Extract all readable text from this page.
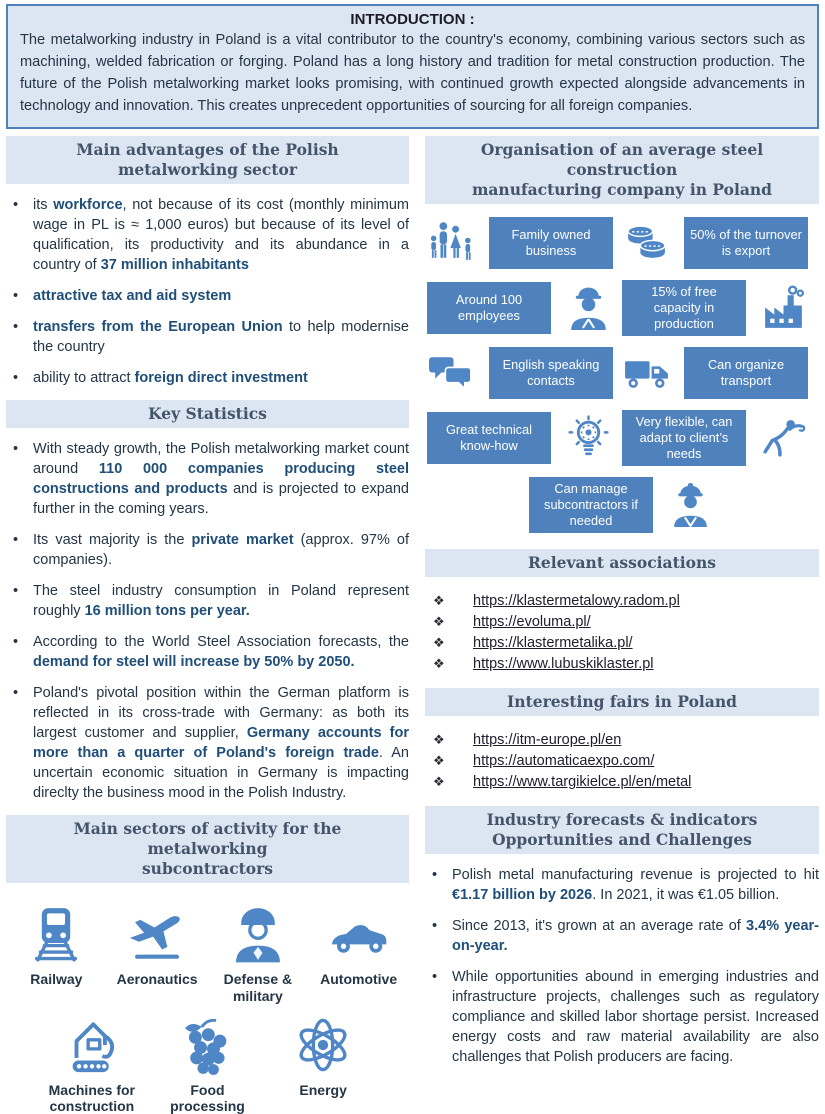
INTRODUCTION :
The metalworking industry in Poland is a vital contributor to the country's economy, combining various sectors such as machining, welded fabrication or forging. Poland has a long history and tradition for metal construction production. The future of the Polish metalworking market looks promising, with continued growth expected alongside advancements in technology and innovation. This creates unprecedent opportunities of sourcing for all foreign companies.
Main advantages of the Polish
metalworking sector
• its workforce, not because of its cost (monthly minimum wage in PL is ≈ 1,000 euros) but because of its level of qualification, its productivity and its abundance in a country of 37 million inhabitants
• attractive tax and aid system
• transfers from the European Union to help modernise the country
• ability to attract foreign direct investment
Key Statistics
• With steady growth, the Polish metalworking market count around 110 000 companies producing steel constructions and products and is projected to expand further in the coming years.
• Its vast majority is the private market (approx. 97% of companies).
• The steel industry consumption in Poland represent roughly 16 million tons per year.
• According to the World Steel Association forecasts, the demand for steel will increase by 50% by 2050.
• Poland's pivotal position within the German platform is reflected in its cross-trade with Germany: as both its largest customer and supplier, Germany accounts for more than a quarter of Poland's foreign trade. An uncertain economic situation in Germany is impacting direclty the business mood in the Polish Industry.
Main sectors of activity for the metalworking
subcontractors
Railway Aeronautics	Defense & military
Automotive
Machines for construction
Food processing
Energy
Organisation of an average steel construction
manufacturing company in Poland
Family owned business
50% of the turnover is export
Around 100 employees
15% of free capacity in production
English speaking contacts
Can organize transport
Great technical know-how
Very flexible, can adapt to client’s needs
Can manage subcontractors if needed
Relevant associations
❖ https://klastermetalowy.radom.pl
❖ https://evoluma.pl/
❖ https://klastermetalika.pl/
❖ https://www.lubuskiklaster.pl
Interesting fairs in Poland
❖ https://itm-europe.pl/en
❖ https://automaticaexpo.com/
❖ https://www.targikielce.pl/en/metal
Industry forecasts & indicators
Opportunities and Challenges
• Polish metal manufacturing revenue is projected to hit €1.17 billion by 2026. In 2021, it was €1.05 billion.
• Since 2013, it's grown at an average rate of 3.4% year-on-year.
• While opportunities abound in emerging industries and infrastructure projects, challenges such as regulatory compliance and skilled labor shortage persist. Increased energy costs and raw material availability are also challenges that Polish producers are facing.
